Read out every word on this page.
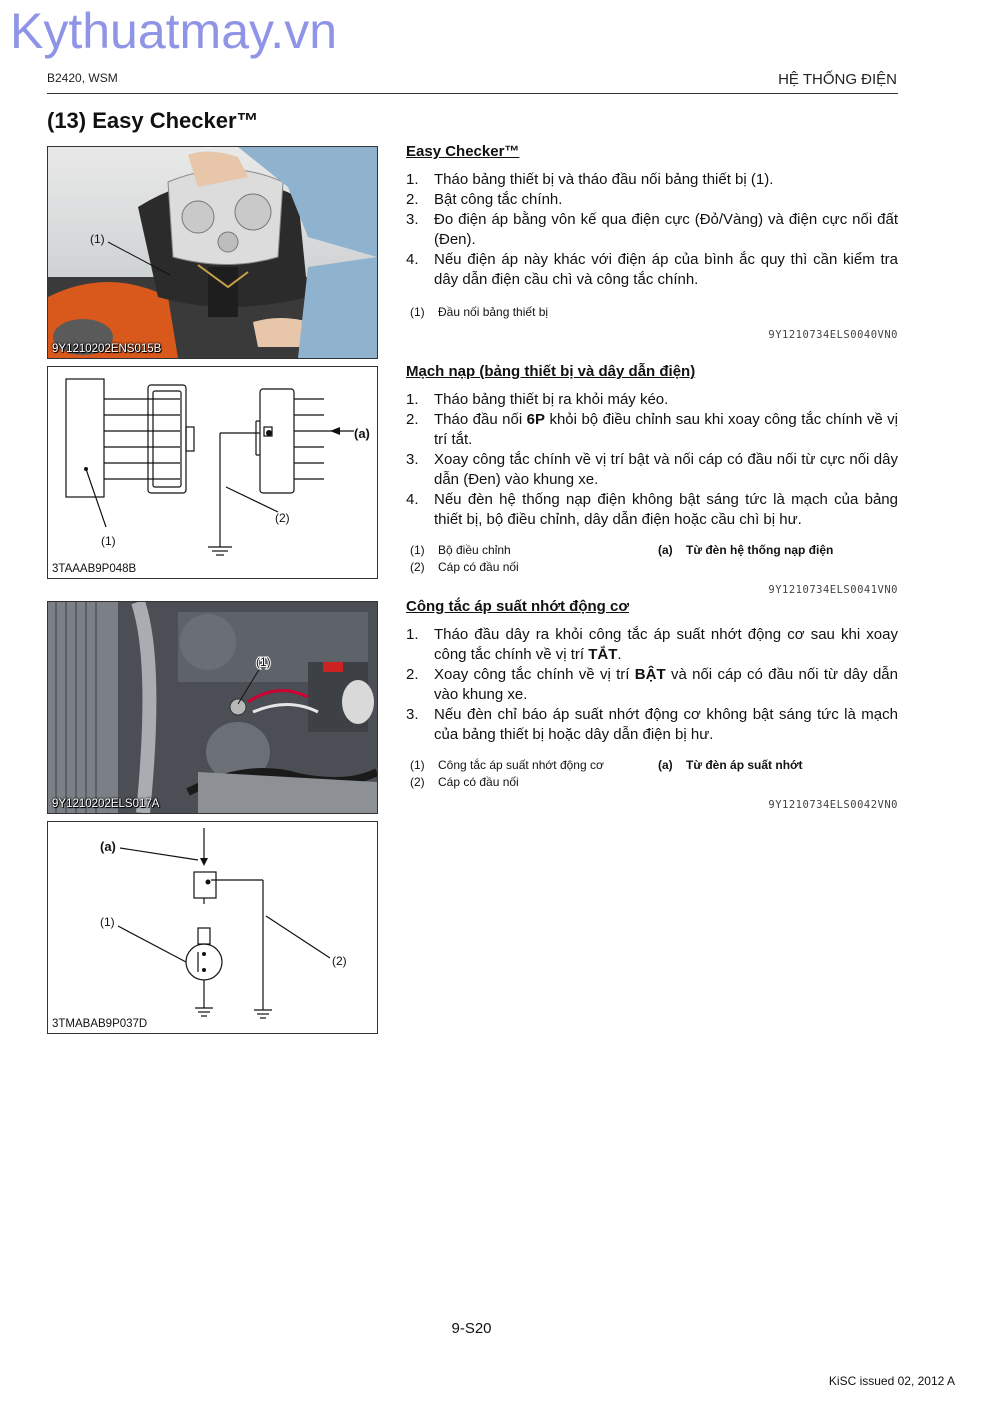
Kythuatmay.vn
B2420, WSM	HỆ THỐNG ĐIỆN
(13) Easy Checker™
(1)
9Y1210202ENS015B
(1)
(2)
(a)
3TAAAB9P048B
(1)
9Y1210202ELS017A
(a)
(1)
(2)
3TMABAB9P037D
Easy Checker™
1. Tháo bảng thiết bị và tháo đầu nối bảng thiết bị (1).
2. Bật công tắc chính.
3. Đo điện áp bằng vôn kế qua điện cực (Đỏ/Vàng) và điện cực nối đất (Đen).
4. Nếu điện áp này khác với điện áp của bình ắc quy thì cần kiểm tra dây dẫn điện cầu chì và công tắc chính.
(1)	Đầu nối bảng thiết bị
9Y1210734ELS0040VN0
Mạch nạp (bảng thiết bị và dây dẫn điện)
1. Tháo bảng thiết bị ra khỏi máy kéo.
2. Tháo đầu nối 6P khỏi bộ điều chỉnh sau khi xoay công tắc chính về vị trí tắt.
3. Xoay công tắc chính về vị trí bật và nối cáp có đầu nối từ cực nối dây dẫn (Đen) vào khung xe.
4. Nếu đèn hệ thống nạp điện không bật sáng tức là mạch của bảng thiết bị, bộ điều chỉnh, dây dẫn điện hoặc cầu chì bị hư.
(1)	Bộ điều chỉnh	(a)	Từ đèn hệ thống nạp điện
(2)	Cáp có đầu nối
9Y1210734ELS0041VN0
Công tắc áp suất nhớt động cơ
1. Tháo đầu dây ra khỏi công tắc áp suất nhớt động cơ sau khi xoay công tắc chính về vị trí TẮT.
2. Xoay công tắc chính về vị trí BẬT và nối cáp có đầu nối từ dây dẫn vào khung xe.
3. Nếu đèn chỉ báo áp suất nhớt động cơ không bật sáng tức là mạch của bảng thiết bị hoặc dây dẫn điện bị hư.
(1)	Công tắc áp suất nhớt động cơ	(a)	Từ đèn áp suất nhớt
(2)	Cáp có đầu nối
9Y1210734ELS0042VN0
9-S20
KiSC issued 02, 2012 A
